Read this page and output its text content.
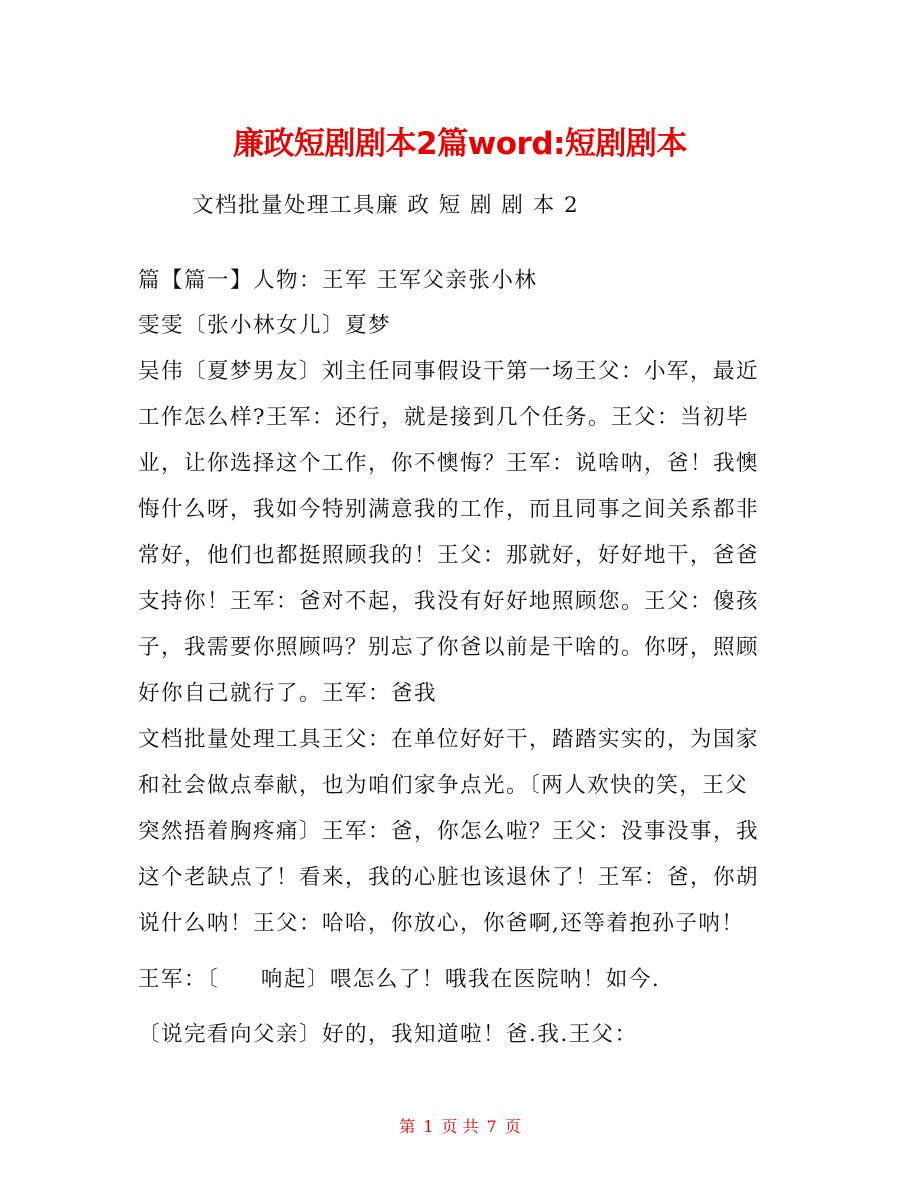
廉政短剧剧本2篇word:短剧剧本
文档批量处理工具廉 政 短 剧 剧 本 2
篇【篇一】人物：王军 王军父亲张小林
雯雯〔张小林女儿〕夏梦
吴伟〔夏梦男友〕刘主任同事假设干第一场王父：小军，最近
工作怎么样?王军：还行，就是接到几个任务。王父：当初毕
业，让你选择这个工作，你不懊悔？王军：说啥呐，爸！我懊
悔什么呀，我如今特别满意我的工作，而且同事之间关系都非
常好，他们也都挺照顾我的！王父：那就好，好好地干，爸爸
支持你！王军：爸对不起，我没有好好地照顾您。王父：傻孩
子，我需要你照顾吗？别忘了你爸以前是干啥的。你呀，照顾
好你自己就行了。王军：爸我
文档批量处理工具王父：在单位好好干，踏踏实实的，为国家
和社会做点奉献，也为咱们家争点光。〔两人欢快的笑，王父
突然捂着胸疼痛〕王军：爸，你怎么啦？王父：没事没事，我
这个老缺点了！看来，我的心脏也该退休了！王军：爸，你胡
说什么呐！王父：哈哈，你放心，你爸啊,还等着抱孙子呐！
王军：〔     响起〕喂怎么了！哦我在医院呐！如今.
〔说完看向父亲〕好的，我知道啦！爸.我.王父：
第 1 页 共 7 页
